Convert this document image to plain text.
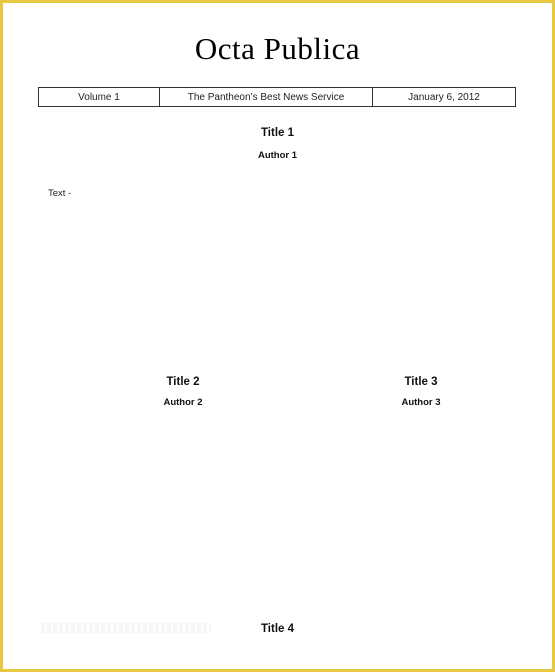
Octa Publica
Volume 1	The Pantheon’s Best News Service	January 6, 2012
Title 1
Author 1
Text -
Title 2
Author 2
Title 3
Author 3
Title 4
